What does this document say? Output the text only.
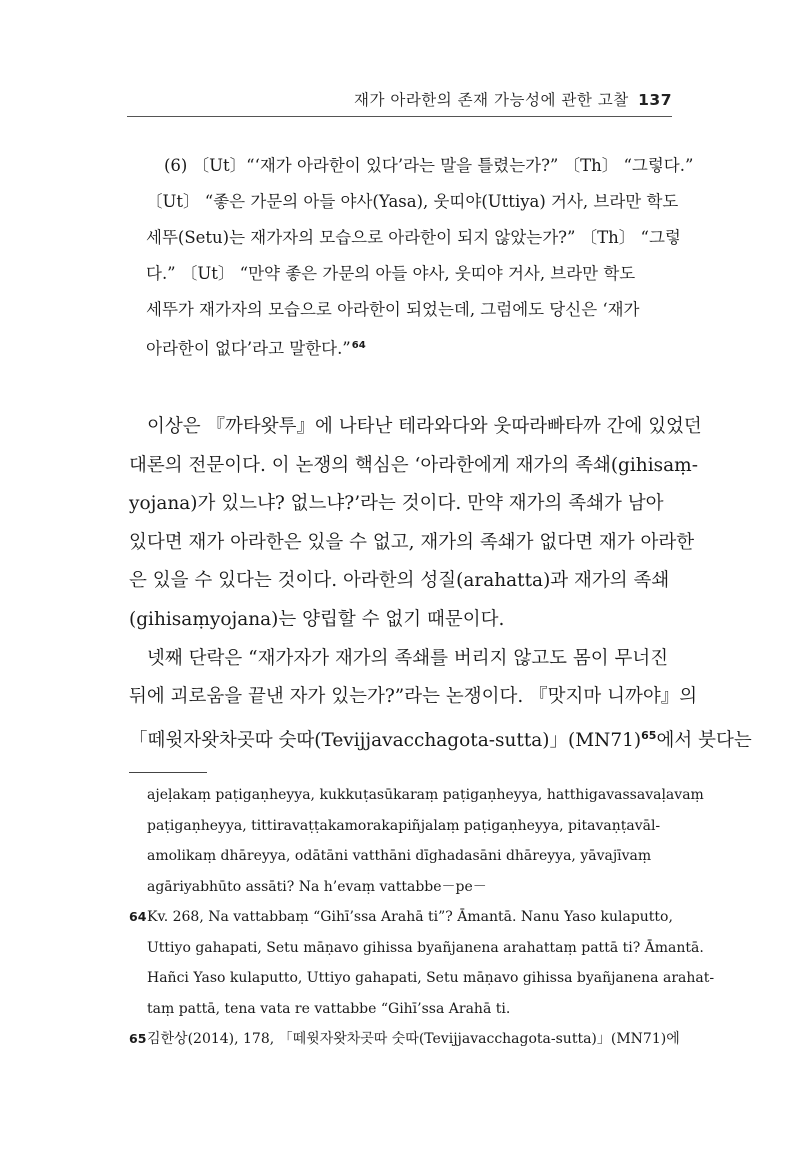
재가 아라한의 존재 가능성에 관한 고찰 137
(6) 〔Ut〕“‘재가 아라한이 있다’라는 말을 틀렸는가?” 〔Th〕 “그렇다.”
〔Ut〕 “좋은 가문의 아들 야사(Yasa), 웃띠야(Uttiya) 거사, 브라만 학도
세뚜(Setu)는 재가자의 모습으로 아라한이 되지 않았는가?” 〔Th〕 “그렇
다.” 〔Ut〕 “만약 좋은 가문의 아들 야사, 웃띠야 거사, 브라만 학도
세뚜가 재가자의 모습으로 아라한이 되었는데, 그럼에도 당신은 ‘재가
아라한이 없다’라고 말한다.”$^{64}$
이상은 『까타왓투』에 나타난 테라와다와 웃따라빠타까 간에 있었던
대론의 전문이다. 이 논쟁의 핵심은 ‘아라한에게 재가의 족쇄(gihisaṃ-
yojana)가 있느냐? 없느냐?’라는 것이다. 만약 재가의 족쇄가 남아
있다면 재가 아라한은 있을 수 없고, 재가의 족쇄가 없다면 재가 아라한
은 있을 수 있다는 것이다. 아라한의 성질(arahatta)과 재가의 족쇄
(gihisaṃyojana)는 양립할 수 없기 때문이다.
넷째 단락은 “재가자가 재가의 족쇄를 버리지 않고도 몸이 무너진
뒤에 괴로움을 끝낸 자가 있는가?”라는 논쟁이다. 『맛지마 니까야』의
「떼윗자왓차곳따 숫따(Tevijjavacchagota-sutta)」(MN71)$^{65}$에서 붓다는
ajeḷakaṃ paṭigaṇheyya, kukkuṭasūkaraṃ paṭigaṇheyya, hatthigavassavaḷavaṃ
paṭigaṇheyya, tittiravaṭṭakamorakapiñjalaṃ paṭigaṇheyya, pitavaṇṭavāl-
amolikaṃ dhāreyya, odātāni vatthāni dīghadasāni dhāreyya, yāvajīvaṃ
agāriyabhūto assāti? Na h’evaṃ vattabbe－pe－
64Kv. 268, Na vattabbaṃ “Gihī’ssa Arahā ti”? Āmantā. Nanu Yaso kulaputto,
Uttiyo gahapati, Setu māṇavo gihissa byañjanena arahattaṃ pattā ti? Āmantā.
Hañci Yaso kulaputto, Uttiyo gahapati, Setu māṇavo gihissa byañjanena arahat-
taṃ pattā, tena vata re vattabbe “Gihī’ssa Arahā ti.
65김한상(2014), 178, 「떼윗자왓차곳따 숫따(Tevijjavacchagota-sutta)」(MN71)에
